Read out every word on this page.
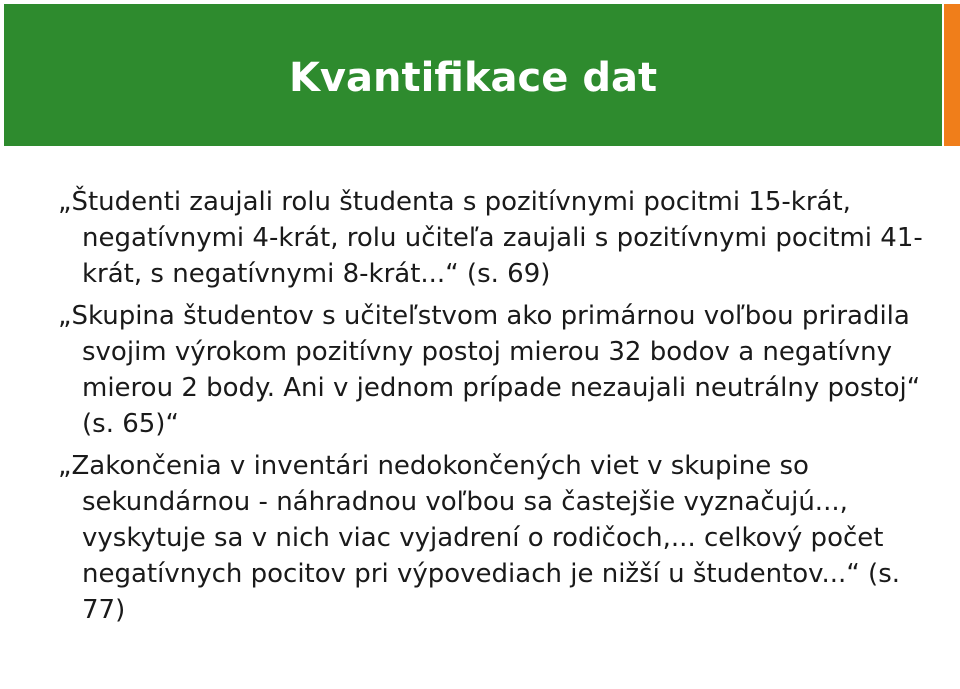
Kvantifikace dat

„Študenti zaujali rolu študenta s pozitívnymi pocitmi 15-krát, negatívnymi 4-krát, rolu učiteľa zaujali s pozitívnymi pocitmi 41-krát, s negatívnymi 8-krát...“ (s. 69)

„Skupina študentov s učiteľstvom ako primárnou voľbou priradila svojim výrokom pozitívny postoj mierou 32 bodov a negatívny mierou 2 body. Ani v jednom prípade nezaujali neutrálny postoj“ (s. 65)“

„Zakončenia v inventári nedokončených viet v skupine so sekundárnou - náhradnou voľbou sa častejšie vyznačujú..., vyskytuje sa v nich viac vyjadrení o rodičoch,... celkový počet negatívnych pocitov pri výpovediach je nižší u študentov...“ (s. 77)
